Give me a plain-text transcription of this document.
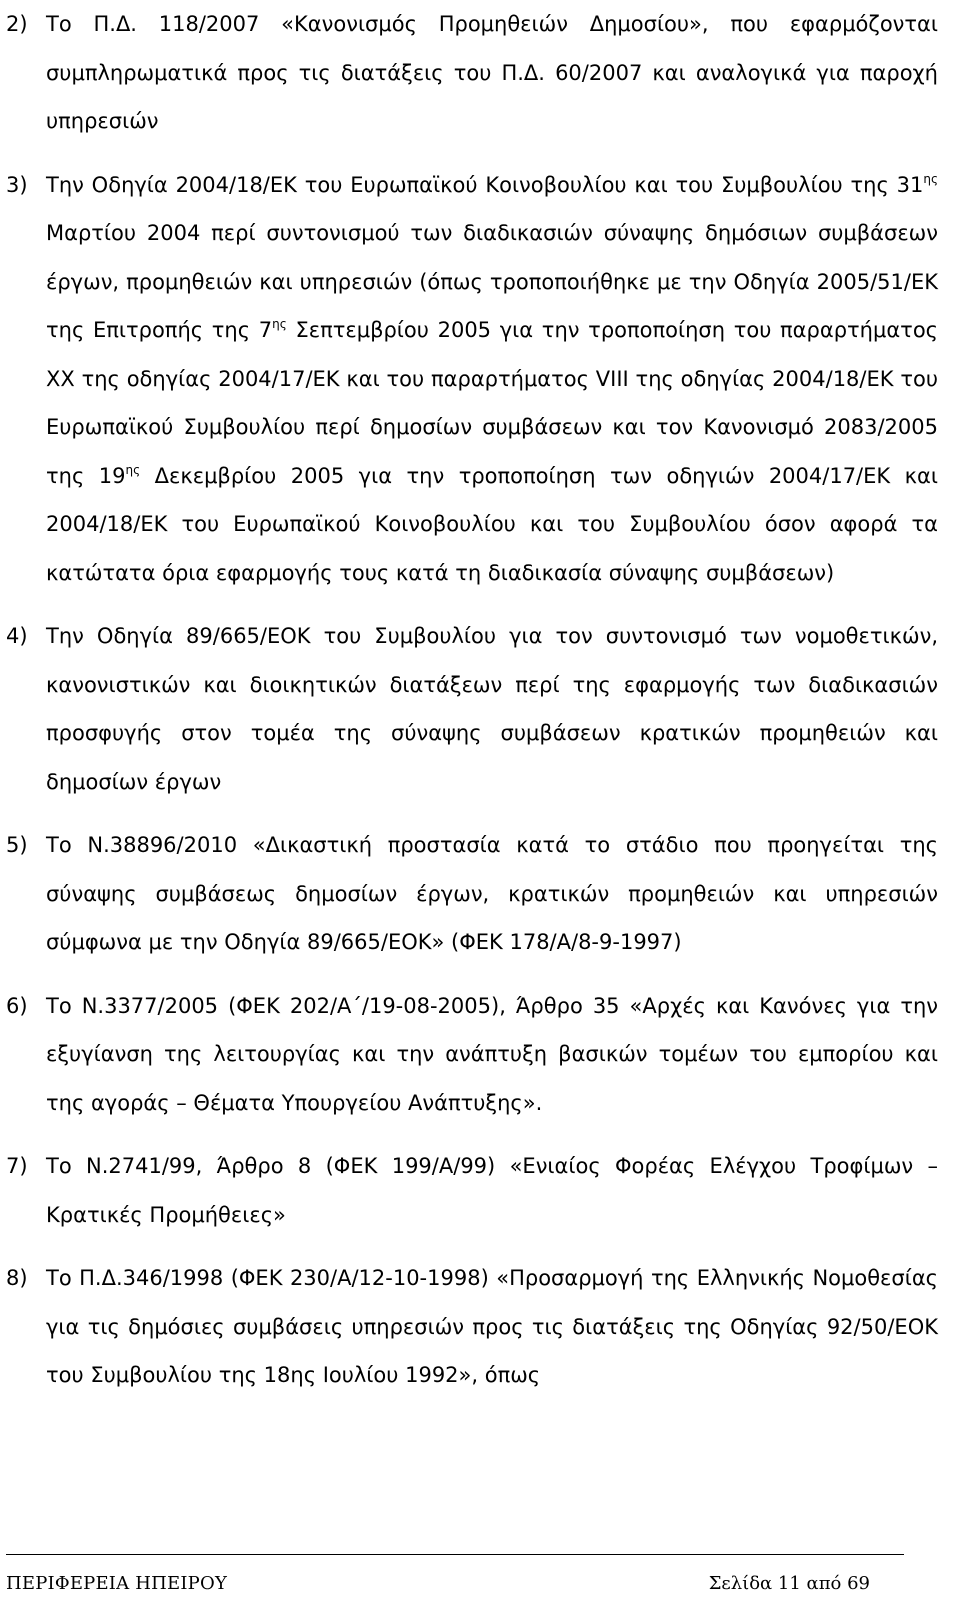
2) Το Π.Δ. 118/2007 «Κανονισμός Προμηθειών Δημοσίου», που εφαρμόζονται συμπληρωματικά προς τις διατάξεις του Π.Δ. 60/2007 και αναλογικά για παροχή υπηρεσιών
3) Την Οδηγία 2004/18/ΕΚ του Ευρωπαϊκού Κοινοβουλίου και του Συμβουλίου της $31^{\eta\varsigma}$ Μαρτίου 2004 περί συντονισμού των διαδικασιών σύναψης δημόσιων συμβάσεων έργων, προμηθειών και υπηρεσιών (όπως τροποποιήθηκε με την Οδηγία 2005/51/ΕΚ της Επιτροπής της $7^{\eta\varsigma}$ Σεπτεμβρίου 2005 για την τροποποίηση του παραρτήματος ΧΧ της οδηγίας 2004/17/ΕΚ και του παραρτήματος VIII της οδηγίας 2004/18/ΕΚ του Ευρωπαϊκού Συμβουλίου περί δημοσίων συμβάσεων και τον Κανονισμό 2083/2005 της $19^{\eta\varsigma}$ Δεκεμβρίου 2005 για την τροποποίηση των οδηγιών 2004/17/ΕΚ και 2004/18/ΕΚ του Ευρωπαϊκού Κοινοβουλίου και του Συμβουλίου όσον αφορά τα κατώτατα όρια εφαρμογής τους κατά τη διαδικασία σύναψης συμβάσεων)
4) Την Οδηγία 89/665/ΕΟΚ του Συμβουλίου για τον συντονισμό των νομοθετικών, κανονιστικών και διοικητικών διατάξεων περί της εφαρμογής των διαδικασιών προσφυγής στον τομέα της σύναψης συμβάσεων κρατικών προμηθειών και δημοσίων έργων
5) Το Ν.38896/2010 «Δικαστική προστασία κατά το στάδιο που προηγείται της σύναψης συμβάσεως δημοσίων έργων, κρατικών προμηθειών και υπηρεσιών σύμφωνα με την Οδηγία 89/665/ΕΟΚ» (ΦΕΚ 178/Α/8-9-1997)
6) Το Ν.3377/2005 (ΦΕΚ 202/Α΄/19-08-2005), Άρθρο 35 «Αρχές και Κανόνες για την εξυγίανση της λειτουργίας και την ανάπτυξη βασικών τομέων του εμπορίου και της αγοράς – Θέματα Υπουργείου Ανάπτυξης».
7) Το Ν.2741/99, Άρθρο 8 (ΦΕΚ 199/Α/99) «Ενιαίος Φορέας Ελέγχου Τροφίμων – Κρατικές Προμήθειες»
8) Το Π.Δ.346/1998 (ΦΕΚ 230/Α/12-10-1998) «Προσαρμογή της Ελληνικής Νομοθεσίας για τις δημόσιες συμβάσεις υπηρεσιών προς τις διατάξεις της Οδηγίας 92/50/ΕΟΚ του Συμβουλίου της 18ης Ιουλίου 1992», όπως
ΠΕΡΙΦΕΡΕΙΑ ΗΠΕΙΡΟΥ	Σελίδα 11 από 69
